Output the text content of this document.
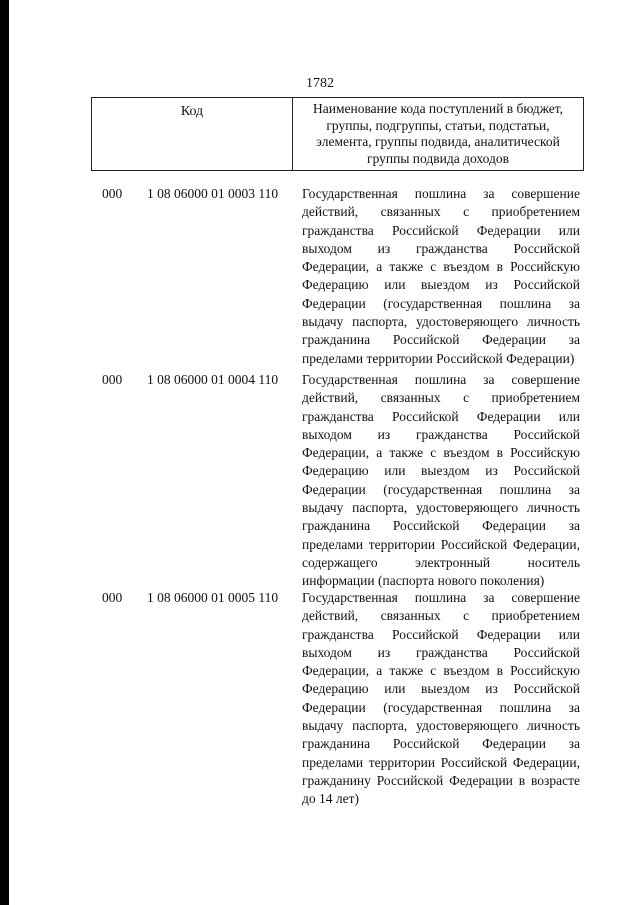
1782
Код	Наименование кода поступлений в бюджет, группы, подгруппы, статьи, подстатьи, элемента, группы подвида, аналитической группы подвида доходов
000 1 08 06000 01 0003 110 Государственная пошлина за совершение действий, связанных с приобретением гражданства Российской Федерации или выходом из гражданства Российской Федерации, а также с въездом в Российскую Федерацию или выездом из Российской Федерации (государственная пошлина за выдачу паспорта, удостоверяющего личность гражданина Российской Федерации за пределами территории Российской Федерации)
000 1 08 06000 01 0004 110 Государственная пошлина за совершение действий, связанных с приобретением гражданства Российской Федерации или выходом из гражданства Российской Федерации, а также с въездом в Российскую Федерацию или выездом из Российской Федерации (государственная пошлина за выдачу паспорта, удостоверяющего личность гражданина Российской Федерации за пределами территории Российской Федерации, содержащего электронный носитель информации (паспорта нового поколения)
000 1 08 06000 01 0005 110 Государственная пошлина за совершение действий, связанных с приобретением гражданства Российской Федерации или выходом из гражданства Российской Федерации, а также с въездом в Российскую Федерацию или выездом из Российской Федерации (государственная пошлина за выдачу паспорта, удостоверяющего личность гражданина Российской Федерации за пределами территории Российской Федерации, гражданину Российской Федерации в возрасте до 14 лет)
